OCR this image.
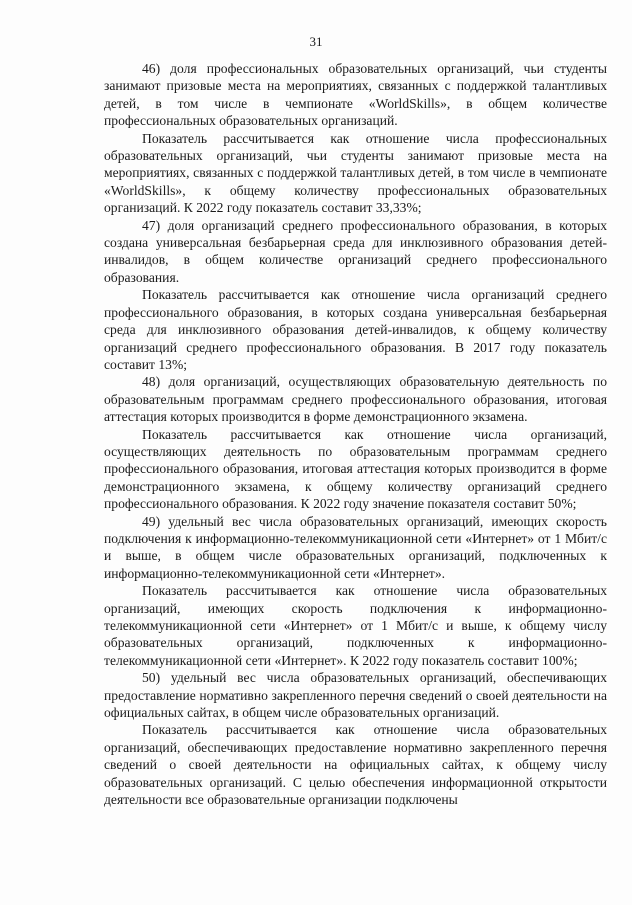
31

46) доля профессиональных образовательных организаций, чьи студенты занимают призовые места на мероприятиях, связанных с поддержкой талантливых детей, в том числе в чемпионате «WorldSkills», в общем количестве профессиональных образовательных организаций.

Показатель рассчитывается как отношение числа профессиональных образовательных организаций, чьи студенты занимают призовые места на мероприятиях, связанных с поддержкой талантливых детей, в том числе в чемпионате «WorldSkills», к общему количеству профессиональных образовательных организаций. К 2022 году показатель составит 33,33%;

47) доля организаций среднего профессионального образования, в которых создана универсальная безбарьерная среда для инклюзивного образования детей-инвалидов, в общем количестве организаций среднего профессионального образования.

Показатель рассчитывается как отношение числа организаций среднего профессионального образования, в которых создана универсальная безбарьерная среда для инклюзивного образования детей-инвалидов, к общему количеству организаций среднего профессионального образования. В 2017 году показатель составит 13%;

48) доля организаций, осуществляющих образовательную деятельность по образовательным программам среднего профессионального образования, итоговая аттестация которых производится в форме демонстрационного экзамена.

Показатель рассчитывается как отношение числа организаций, осуществляющих деятельность по образовательным программам среднего профессионального образования, итоговая аттестация которых производится в форме демонстрационного экзамена, к общему количеству организаций среднего профессионального образования. К 2022 году значение показателя составит 50%;

49) удельный вес числа образовательных организаций, имеющих скорость подключения к информационно-телекоммуникационной сети «Интернет» от 1 Мбит/с и выше, в общем числе образовательных организаций, подключенных к информационно-телекоммуникационной сети «Интернет».

Показатель рассчитывается как отношение числа образовательных организаций, имеющих скорость подключения к информационно-телекоммуникационной сети «Интернет» от 1 Мбит/с и выше, к общему числу образовательных организаций, подключенных к информационно-телекоммуникационной сети «Интернет». К 2022 году показатель составит 100%;

50) удельный вес числа образовательных организаций, обеспечивающих предоставление нормативно закрепленного перечня сведений о своей деятельности на официальных сайтах, в общем числе образовательных организаций.

Показатель рассчитывается как отношение числа образовательных организаций, обеспечивающих предоставление нормативно закрепленного перечня сведений о своей деятельности на официальных сайтах, к общему числу образовательных организаций. С целью обеспечения информационной открытости деятельности все образовательные организации подключены
